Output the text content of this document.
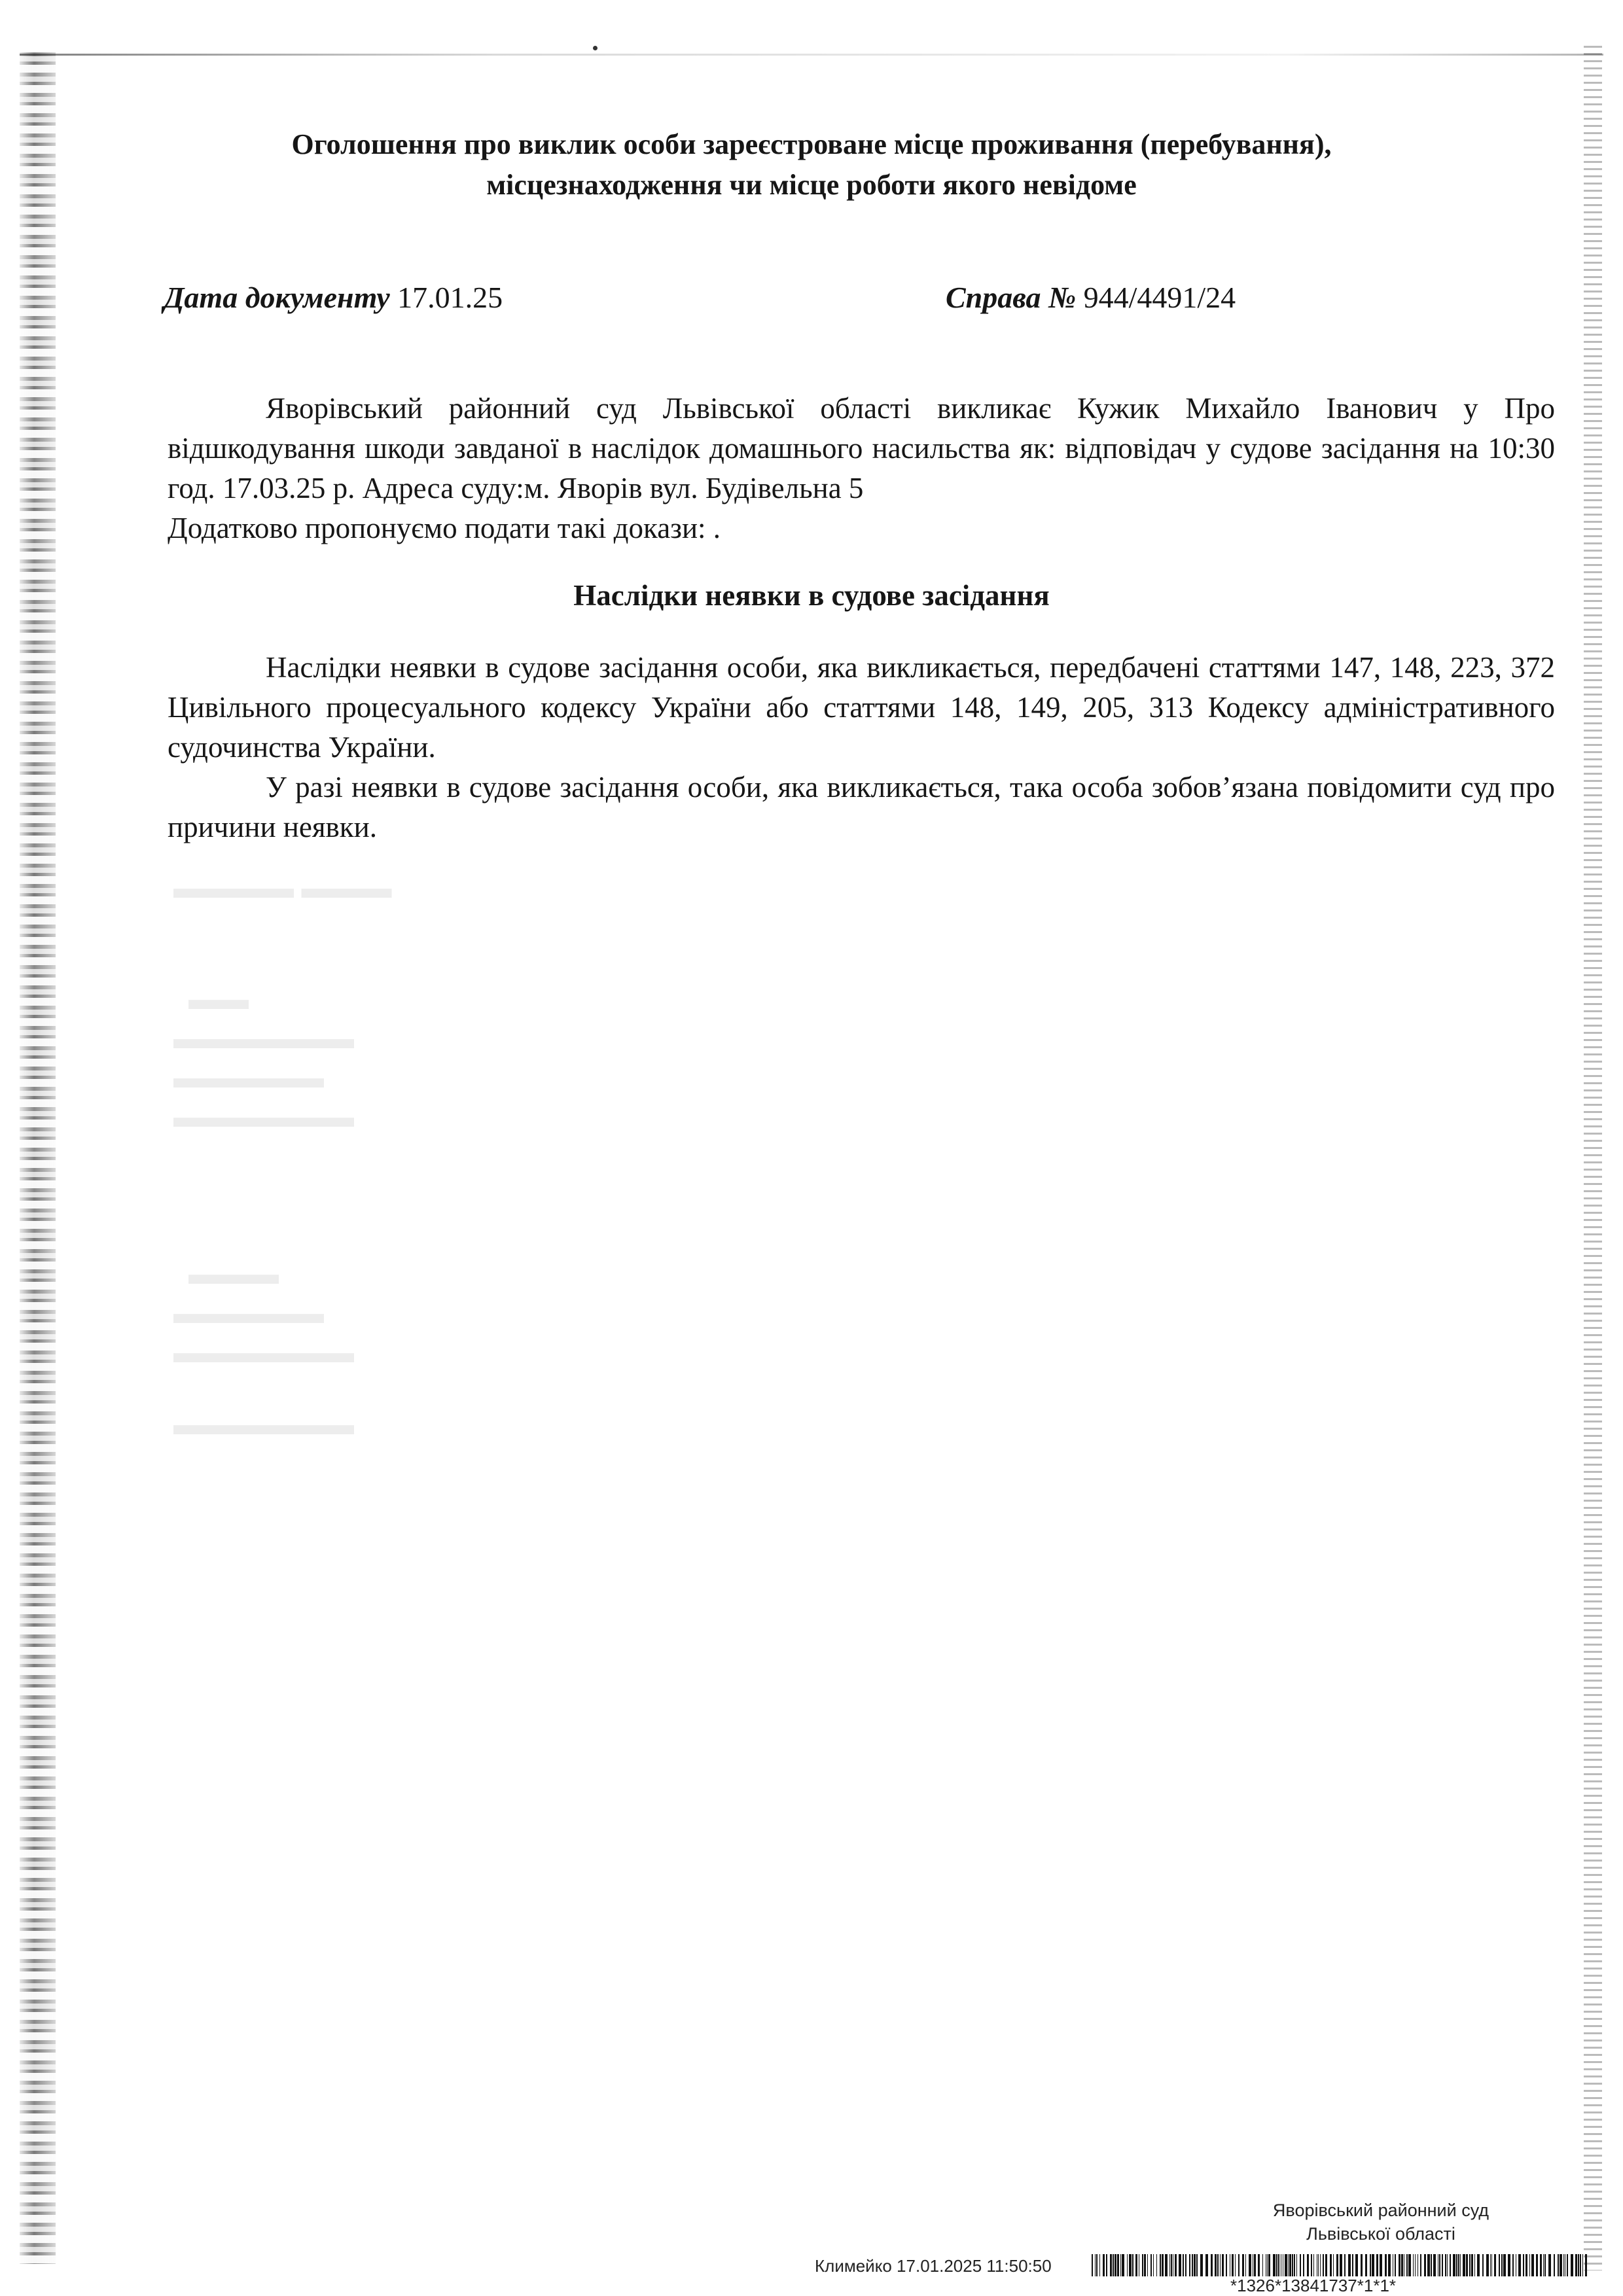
▬▬▬▬ ▬▬▬
▬▬
▬▬▬▬▬▬
▬▬▬▬▬
▬▬▬▬▬▬
▬▬▬
▬▬▬▬▬
▬▬▬▬▬▬
▬▬▬▬▬▬
Оголошення про виклик особи зареєстроване місце проживання (перебування),
місцезнаходження чи місце роботи якого невідоме
Дата документу 17.01.25	Справа № 944/4491/24

Яворівський районний суд Львівської області викликає Кужик Михайло Іванович у Про відшкодування шкоди завданої в наслідок домашнього насильства як: відповідач у судове засідання на 10:30 год. 17.03.25 р. Адреса суду:м. Яворів вул. Будівельна 5

Додатково пропонуємо подати такі докази: .
Наслідки неявки в судове засідання

Наслідки неявки в судове засідання особи, яка викликається, передбачені статтями 147, 148, 223, 372 Цивільного процесуального кодексу України або статтями 148, 149, 205, 313 Кодексу адміністративного судочинства України.

У разі неявки в судове засідання особи, яка викликається, така особа зобов’язана повідомити суд про причини неявки.

Яворівський районний суд
Львівської області
Климейко 17.01.2025 11:50:50
*1326*13841737*1*1*
